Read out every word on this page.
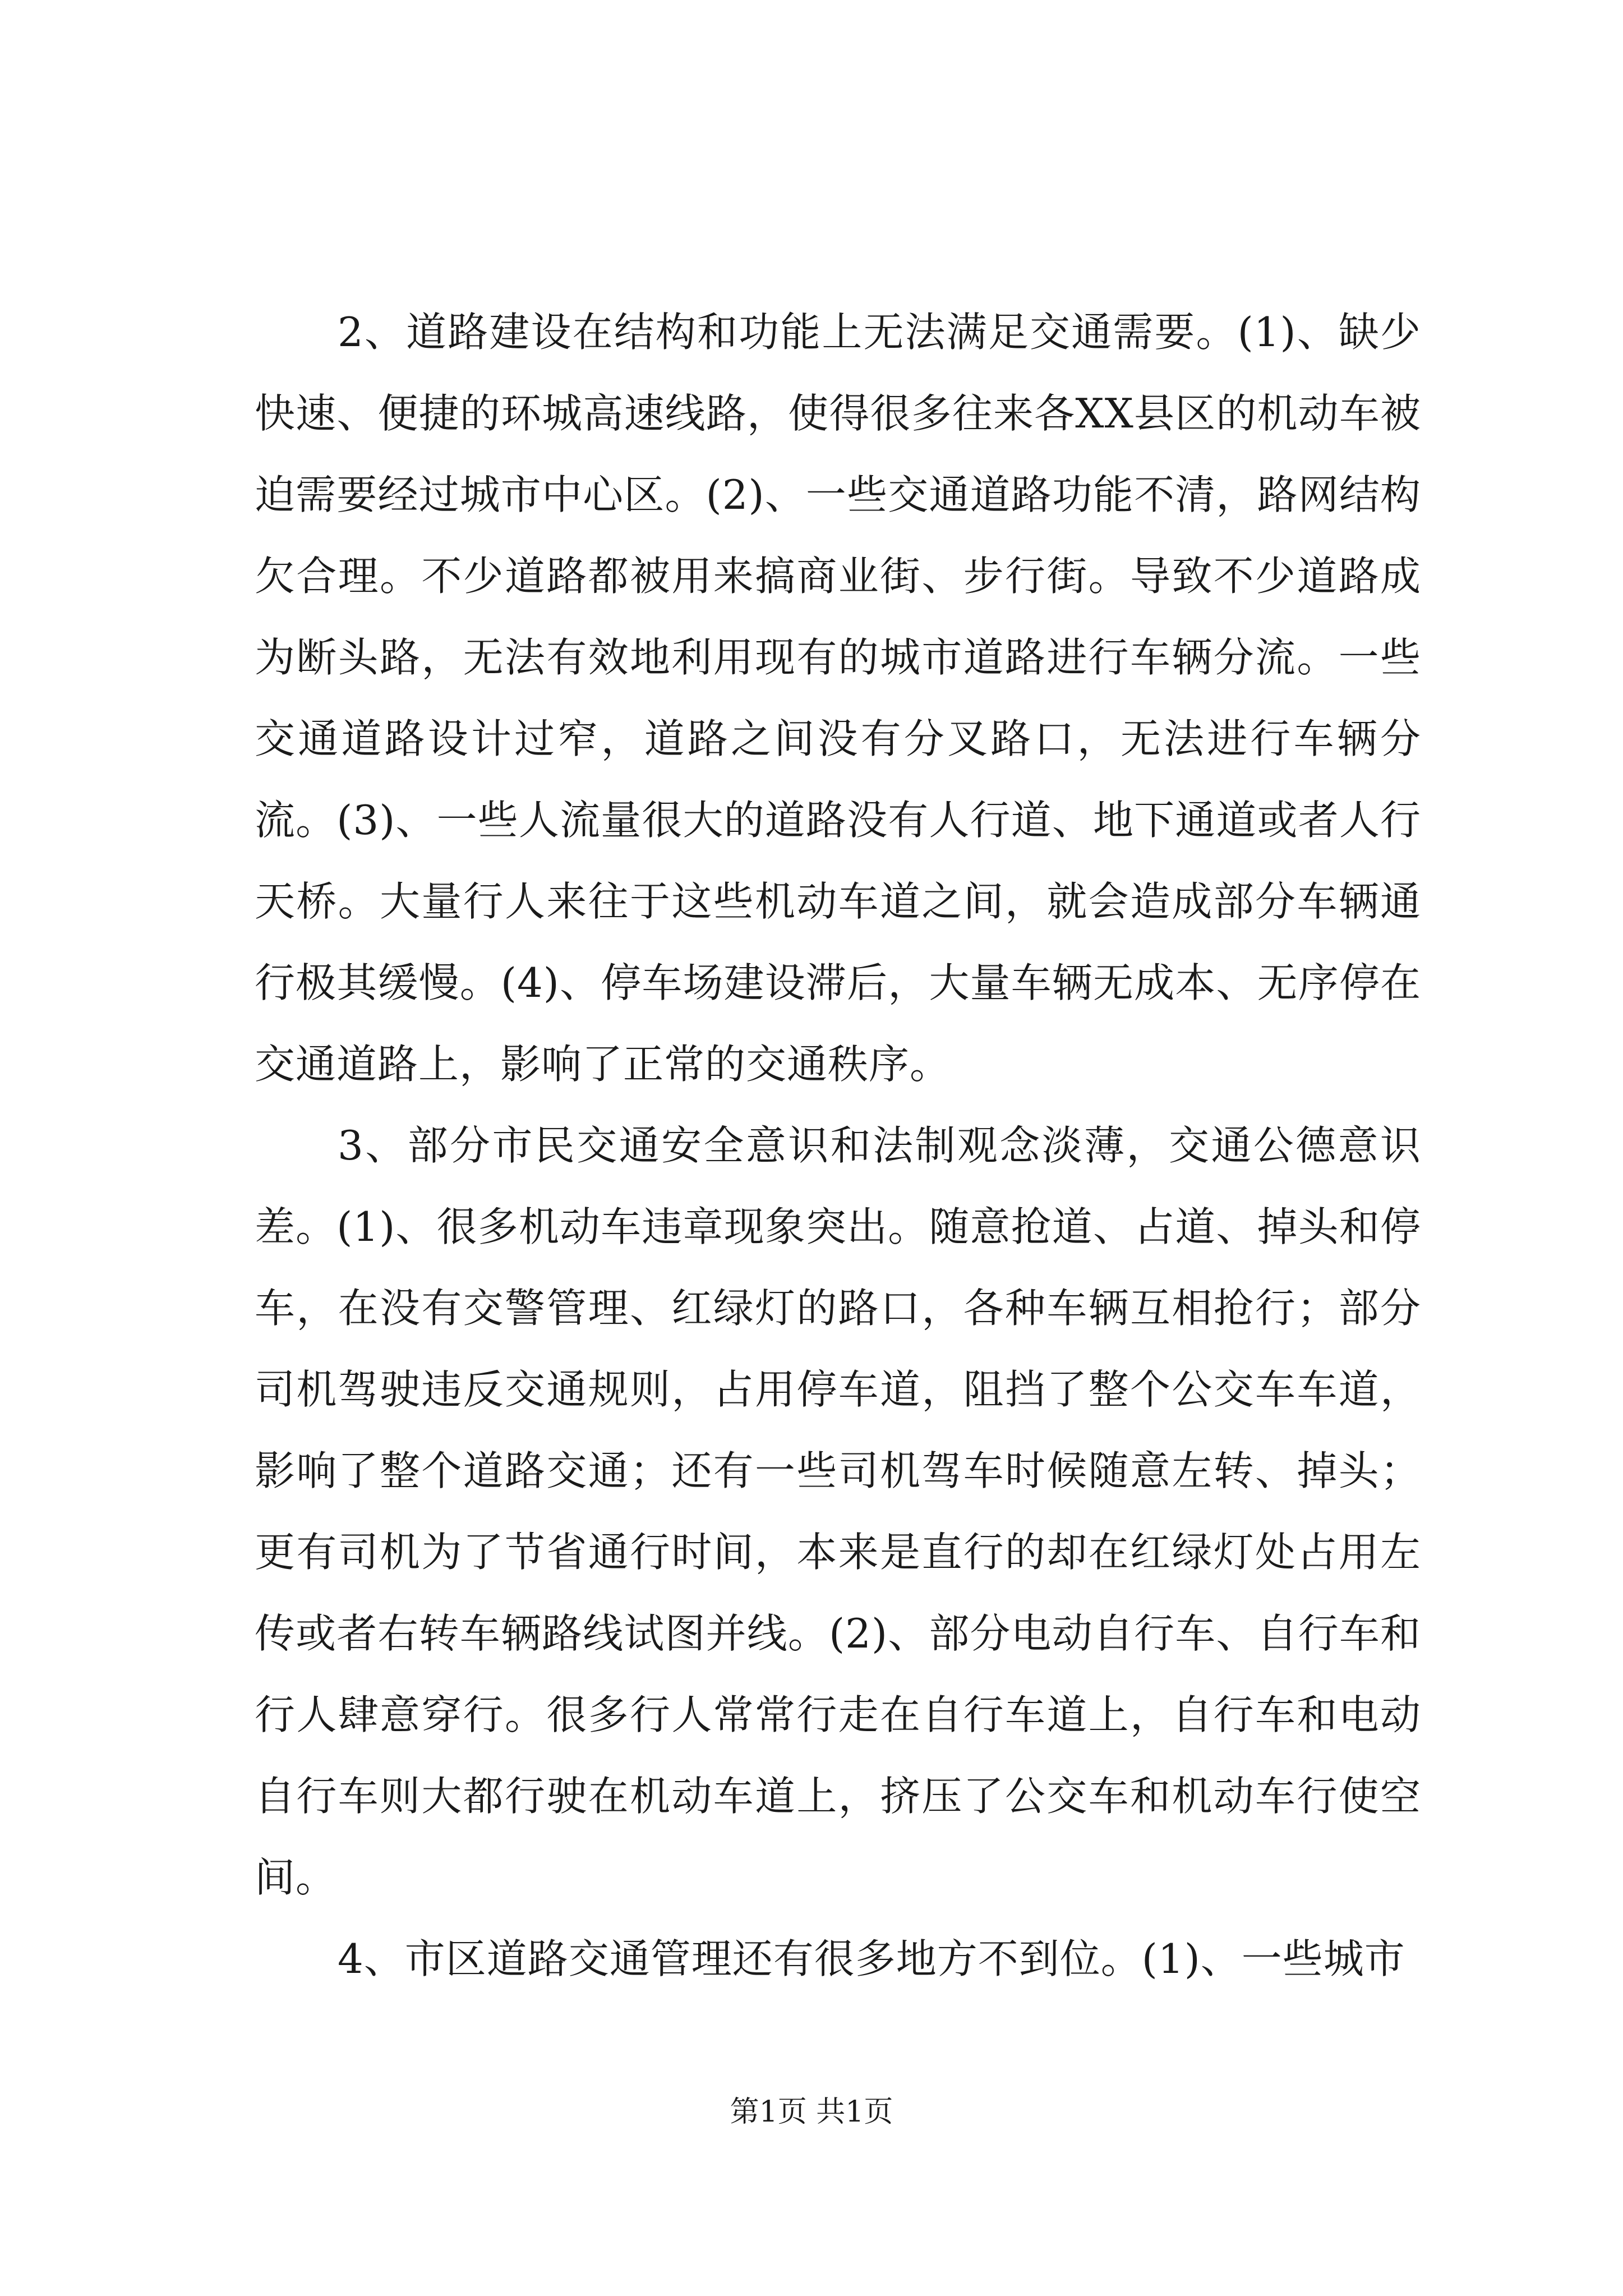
2、道路建设在结构和功能上无法满足交通需要。(1)、缺少快速、便捷的环城高速线路，使得很多往来各XX县区的机动车被迫需要经过城市中心区。(2)、一些交通道路功能不清，路网结构欠合理。不少道路都被用来搞商业街、步行街。导致不少道路成为断头路，无法有效地利用现有的城市道路进行车辆分流。一些交通道路设计过窄，道路之间没有分叉路口，无法进行车辆分流。(3)、一些人流量很大的道路没有人行道、地下通道或者人行天桥。大量行人来往于这些机动车道之间，就会造成部分车辆通行极其缓慢。(4)、停车场建设滞后，大量车辆无成本、无序停在交通道路上，影响了正常的交通秩序。

3、部分市民交通安全意识和法制观念淡薄，交通公德意识差。(1)、很多机动车违章现象突出。随意抢道、占道、掉头和停车，在没有交警管理、红绿灯的路口，各种车辆互相抢行；部分司机驾驶违反交通规则，占用停车道，阻挡了整个公交车车道，影响了整个道路交通；还有一些司机驾车时候随意左转、掉头；更有司机为了节省通行时间，本来是直行的却在红绿灯处占用左传或者右转车辆路线试图并线。(2)、部分电动自行车、自行车和行人肆意穿行。很多行人常常行走在自行车道上，自行车和电动自行车则大都行驶在机动车道上，挤压了公交车和机动车行使空间。

4、市区道路交通管理还有很多地方不到位。(1)、一些城市

第1页 共1页
